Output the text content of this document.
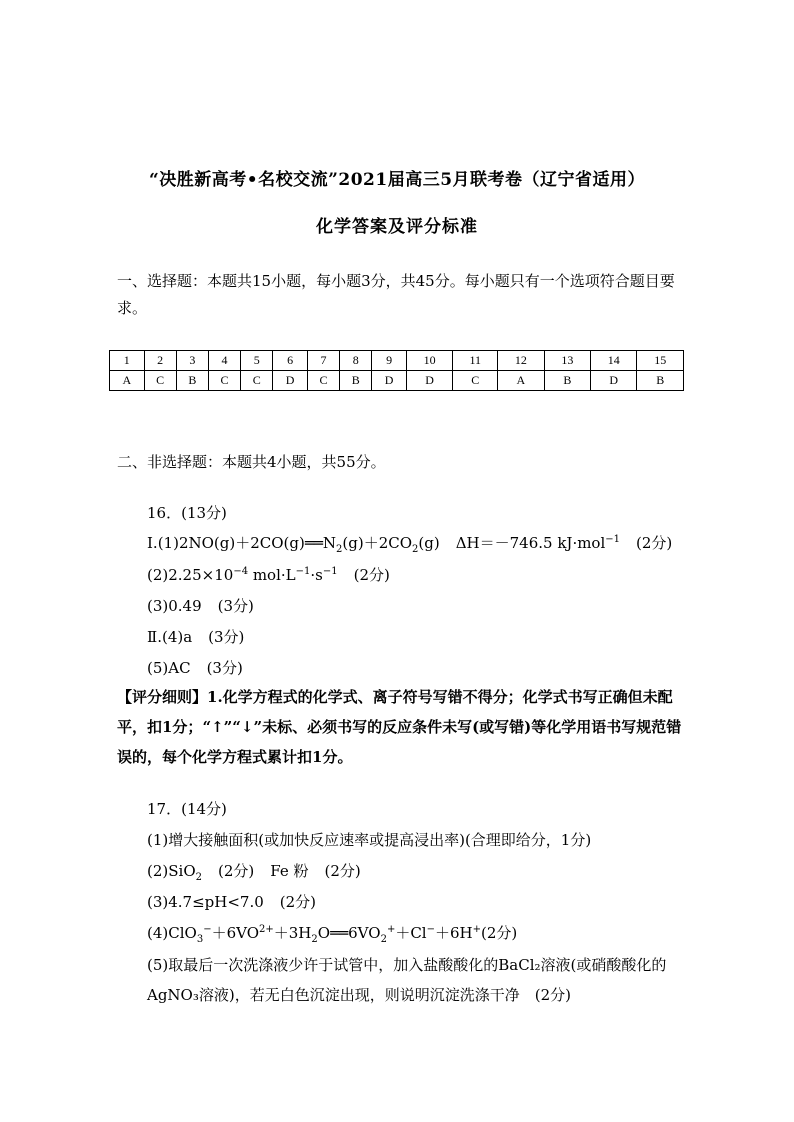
“决胜新高考•名校交流”2021届高三5月联考卷（辽宁省适用）
化学答案及评分标准
一、选择题：本题共15小题，每小题3分，共45分。每小题只有一个选项符合题目要求。
1	2	3	4	5	6	7	8	9	10	11	12	13	14	15
A	C	B	C	C	D	C	B	D	D	C	A	B	D	B
二、非选择题：本题共4小题，共55分。
16．(13分)
$Ⅰ.(1)2NO(g)+2CO(g)══N_2(g)+2CO_2(g)$ ΔH＝－746.5 kJ·mol$^{-1}$ (2分)
$(2)2.25\times 10^{-4}$ $mol\cdot L^{-1}\cdot s^{-1}$ (2分)
(3)0.49 (3分)
Ⅱ.(4)a (3分)
(5)AC (3分)
【评分细则】1.化学方程式的化学式、离子符号写错不得分；化学式书写正确但未配平，扣1分；“↑”“↓”未标、必须书写的反应条件未写(或写错)等化学用语书写规范错误的，每个化学方程式累计扣1分。
17．(14分)
(1)增大接触面积(或加快反应速率或提高浸出率)(合理即给分，1分)
(2)SiO$_2$ (2分) Fe 粉 (2分)
(3)4.7≤pH<7.0 (2分)
$(4)ClO_3^-+6VO^{2+}+3H_2O══6VO_2^++Cl^-+6H^+(2$分)
(5)取最后一次洗涤液少许于试管中，加入盐酸酸化的BaCl₂溶液(或硝酸酸化的AgNO₃溶液)，若无白色沉淀出现，则说明沉淀洗涤干净　(2分)
